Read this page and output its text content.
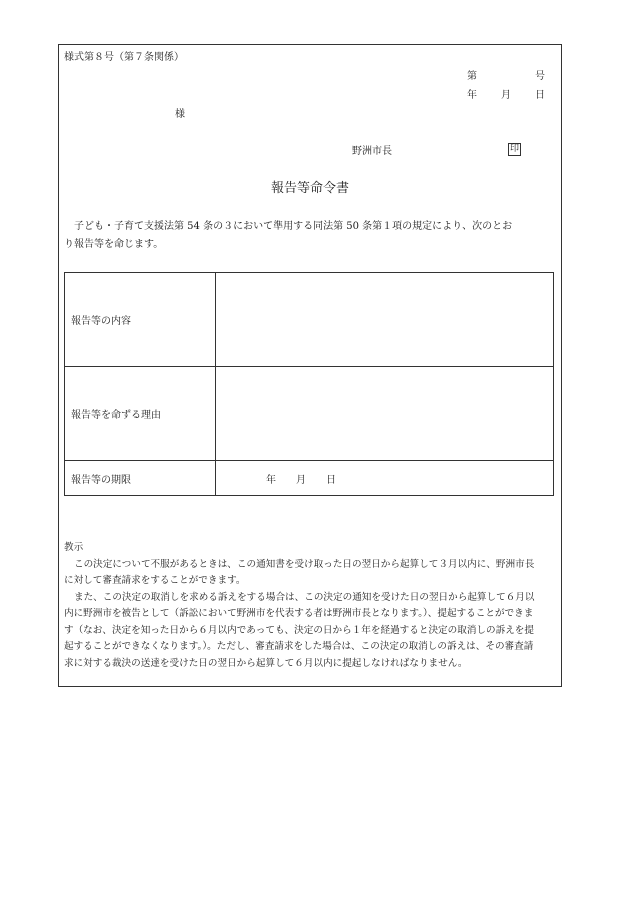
様式第８号（第７条関係）
第	号
年 月 日
様
野洲市長	印
報告等命令書
子ども・子育て支援法第 54 条の３において準用する同法第 50 条第１項の規定により、次のとお
り報告等を命じます。
報告等の内容	
報告等を命ずる理由	
報告等の期限	年　　月　　日

教示

この決定について不服があるときは、この通知書を受け取った日の翌日から起算して３月以内に、野洲市長

に対して審査請求をすることができます。

また、この決定の取消しを求める訴えをする場合は、この決定の通知を受けた日の翌日から起算して６月以

内に野洲市を被告として（訴訟において野洲市を代表する者は野洲市長となります。）、提起することができま

す（なお、決定を知った日から６月以内であっても、決定の日から１年を経過すると決定の取消しの訴えを提

起することができなくなります。）。ただし、審査請求をした場合は、この決定の取消しの訴えは、その審査請

求に対する裁決の送達を受けた日の翌日から起算して６月以内に提起しなければなりません。
